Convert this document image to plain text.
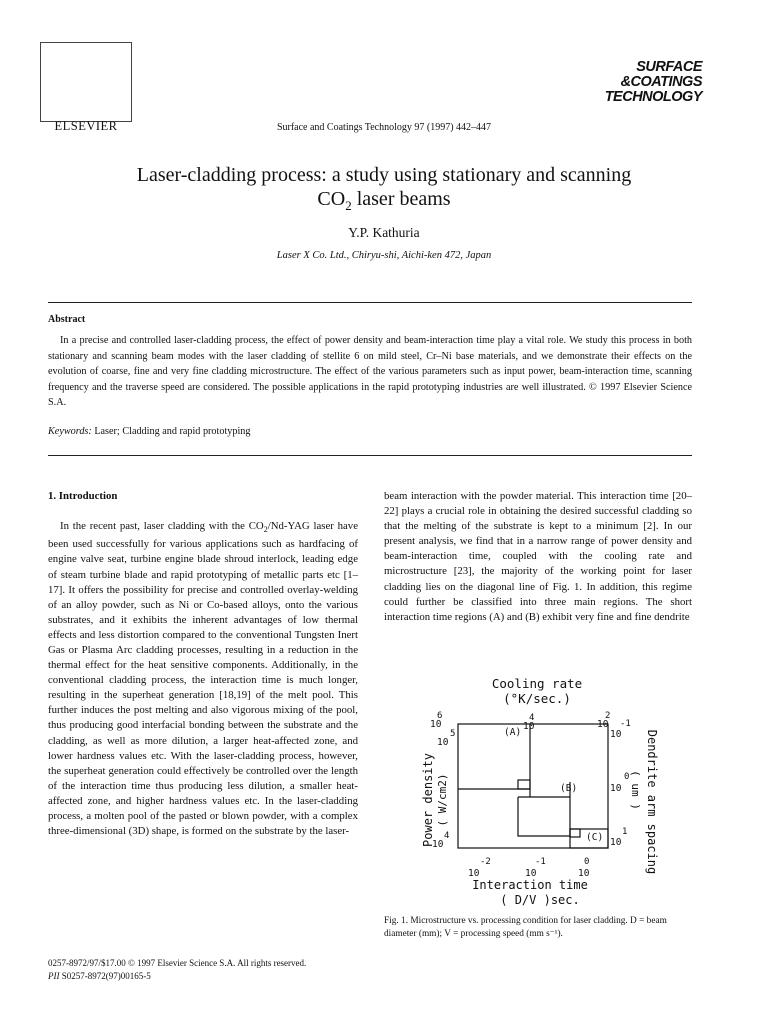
ELSEVIER	Surface and Coatings Technology 97 (1997) 442–447
SURFACE
&COATINGS
TECHNOLOGY
Laser-cladding process: a study using stationary and scanning
$CO_2$ laser beams
Y.P. Kathuria
Laser X Co. Ltd., Chiryu-shi, Aichi-ken 472, Japan
Abstract
In a precise and controlled laser-cladding process, the effect of power density and beam-interaction time play a vital role. We study this process in both stationary and scanning beam modes with the laser cladding of stellite 6 on mild steel, Cr–Ni base materials, and we demonstrate their effects on the evolution of coarse, fine and very fine cladding microstructure. The effect of the various parameters such as input power, beam-interaction time, scanning frequency and the traverse speed are considered. The possible applications in the rapid prototyping industries are well illustrated. © 1997 Elsevier Science S.A.
Keywords: Laser; Cladding and rapid prototyping

1. Introduction

In the recent past, laser cladding with the $CO_2/Nd$-YAG laser have been used successfully for various applications such as hardfacing of engine valve seat, turbine engine blade shroud interlock, leading edge of steam turbine blade and rapid prototyping of metallic parts etc [1–17]. It offers the possibility for precise and controlled overlay-welding of an alloy powder, such as Ni or Co-based alloys, onto the various substrates, and it exhibits the inherent advantages of low thermal effects and less distortion compared to the conventional Tungsten Inert Gas or Plasma Arc cladding processes, resulting in a reduction in the thermal effect for the heat sensitive components. Additionally, in the conventional cladding process, the interaction time is much longer, resulting in the superheat generation [18,19] of the melt pool. This further induces the post melting and also vigorous mixing of the pool, thus producing good interfacial bonding between the substrate and the cladding, as well as more dilution, a larger heat-affected zone, and lower hardness values etc. With the laser-cladding process, however, the superheat generation could effectively be controlled over the length of the interaction time thus producing less dilution, a smaller heat-affected zone, and higher hardness values etc. In the laser-cladding process, a molten pool of the pasted or blown powder, with a complex three-dimensional (3D) shape, is formed on the substrate by the laser-

beam interaction with the powder material. This interaction time [20–22] plays a crucial role in obtaining the desired successful cladding so that the melting of the substrate is kept to a minimum [2]. In our present analysis, we find that in a narrow range of power density and beam-interaction time, coupled with the cooling rate and microstructure [23], the majority of the working point for laser cladding lies on the diagonal line of Fig. 1. In addition, this regime could further be classified into three main regions. The short interaction time regions (A) and (B) exhibit very fine and fine dendrite

Cooling rate
(°K/sec.)
6
10
4
10
2
10
Power density ( W/cm2)
5
10
4
10
-1
10
0
10
1
10 Dendrite arm spacing
( um )
(A)
(B)
(C)
-2
10
-1
10
0
10
Interaction time
( D/V )sec.
Fig. 1. Microstructure vs. processing condition for laser cladding. D = beam diameter (mm); V = processing speed (mm s⁻¹).
0257-8972/97/$17.00 © 1997 Elsevier Science S.A. All rights reserved.
PII S0257-8972(97)00165-5
